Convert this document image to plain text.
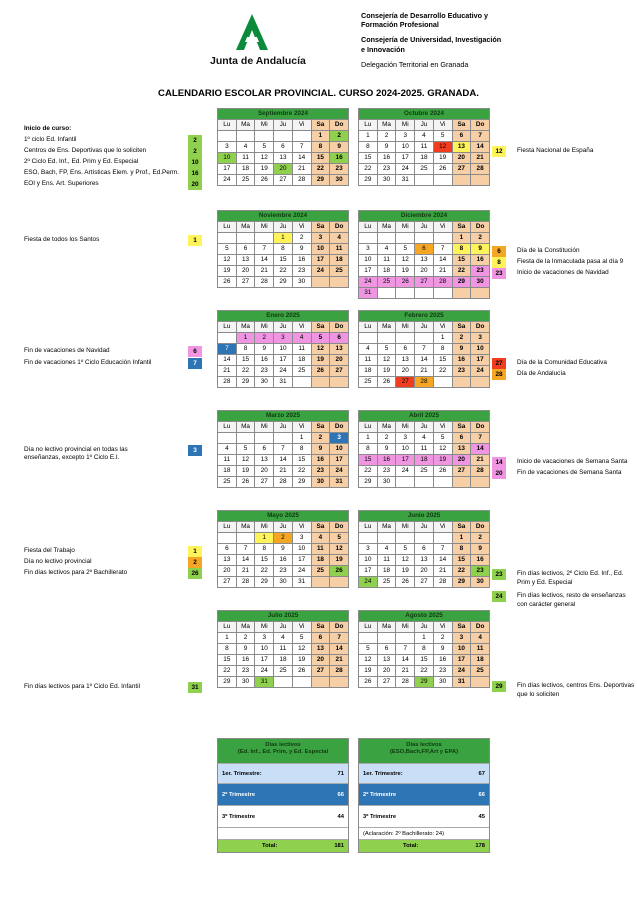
Junta de Andalucía
Consejería de Desarrollo Educativo y Formación Profesional
Consejería de Universidad, Investigación e Innovación
Delegación Territorial en Granada
CALENDARIO ESCOLAR PROVINCIAL. CURSO 2024-2025. GRANADA.
Septiembre 2024						
Lu	Ma	Mi	Ju	Vi	Sa	Do
					1	2
3	4	5	6	7	8	9
10	11	12	13	14	15	16
17	18	19	20	21	22	23
24	25	26	27	28	29	30
Octubre 2024						
Lu	Ma	Mi	Ju	Vi	Sa	Do
1	2	3	4	5	6	7
8	9	10	11	12	13	14
15	16	17	18	19	20	21
22	23	24	25	26	27	28
29	30	31				
Noviembre 2024						
Lu	Ma	Mi	Ju	Vi	Sa	Do
			1	2	3	4
5	6	7	8	9	10	11
12	13	14	15	16	17	18
19	20	21	22	23	24	25
26	27	28	29	30		
Diciembre 2024						
Lu	Ma	Mi	Ju	Vi	Sa	Do
					1	2
3	4	5	6	7	8	9
10	11	12	13	14	15	16
17	18	19	20	21	22	23
24	25	26	27	28	29	30
31						
Enero 2025						
Lu	Ma	Mi	Ju	Vi	Sa	Do
	1	2	3	4	5	6
7	8	9	10	11	12	13
14	15	16	17	18	19	20
21	22	23	24	25	26	27
28	29	30	31			
Febrero 2025						
Lu	Ma	Mi	Ju	Vi	Sa	Do
				1	2	3
4	5	6	7	8	9	10
11	12	13	14	15	16	17
18	19	20	21	22	23	24
25	26	27	28			
Marzo 2025						
Lu	Ma	Mi	Ju	Vi	Sa	Do
				1	2	3
4	5	6	7	8	9	10
11	12	13	14	15	16	17
18	19	20	21	22	23	24
25	26	27	28	29	30	31
Abril 2025						
Lu	Ma	Mi	Ju	Vi	Sa	Do
1	2	3	4	5	6	7
8	9	10	11	12	13	14
15	16	17	18	19	20	21
22	23	24	25	26	27	28
29	30					
Mayo 2025						
Lu	Ma	Mi	Ju	Vi	Sa	Do
		1	2	3	4	5
6	7	8	9	10	11	12
13	14	15	16	17	18	19
20	21	22	23	24	25	26
27	28	29	30	31		
Junio 2025						
Lu	Ma	Mi	Ju	Vi	Sa	Do
					1	2
3	4	5	6	7	8	9
10	11	12	13	14	15	16
17	18	19	20	21	22	23
24	25	26	27	28	29	30
Julio 2025						
Lu	Ma	Mi	Ju	Vi	Sa	Do
1	2	3	4	5	6	7
8	9	10	11	12	13	14
15	16	17	18	19	20	21
22	23	24	25	26	27	28
29	30	31				
Agosto 2025						
Lu	Ma	Mi	Ju	Vi	Sa	Do
			1	2	3	4
5	6	7	8	9	10	11
12	13	14	15	16	17	18
19	20	21	22	23	24	25
26	27	28	29	30	31	
Inicio de curso:
1º ciclo Ed. Infantil	2
Centros de Ens. Deportivas que lo soliciten	2
2º Ciclo Ed. Inf., Ed. Prim y Ed. Especial	10
ESO, Bach, FP, Ens. Artísticas Elem. y Prof., Ed.Perm.	16
EOI y Ens. Art. Superiores	20
Fiesta de todos los Santos	1
Fin de vacaciones de Navidad	6
Fin de vacaciones 1º Ciclo Educación Infantil	7
Día no lectivo provincial en todas las	3
enseñanzas, excepto 1º Ciclo E.I.
Fiesta del Trabajo	1
Día no lectivo provincial	2
Fin días lectivos para 2º Bachillerato	26
Fin días lectivos para 1º Ciclo Ed. Infantil	31
12	Fiesta Nacional de España
6	Día de la Constitución
8	Fiesta de la Inmaculada pasa al día 9
23	Inicio de vacaciones de Navidad
27	Día de la Comunidad Educativa
28	Día de Andalucía
14	Inicio de vacaciones de Semana Santa
20	Fin de vacaciones de Semana Santa
23	Fin días lectivos, 2º Ciclo Ed. Inf., Ed.
Prim y Ed. Especial
24	Fin días lectivos, resto de enseñanzas
con carácter general
29	Fin días lectivos, centros Ens. Deportivas
que lo soliciten
Días lectivos
(Ed. Inf., Ed. Prim, y Ed. Especial
1er. Trimestre:	71
2º Trimestre	66
3º Trimestre	44
Total:	181
Días lectivos
(ESO,Bach,FP,Art y EPA)
1er. Trimestre:	67
2º Trimestre	66
3º Trimestre	45
(Aclaración: 2º Bachillerato: 24)
Total:	178
